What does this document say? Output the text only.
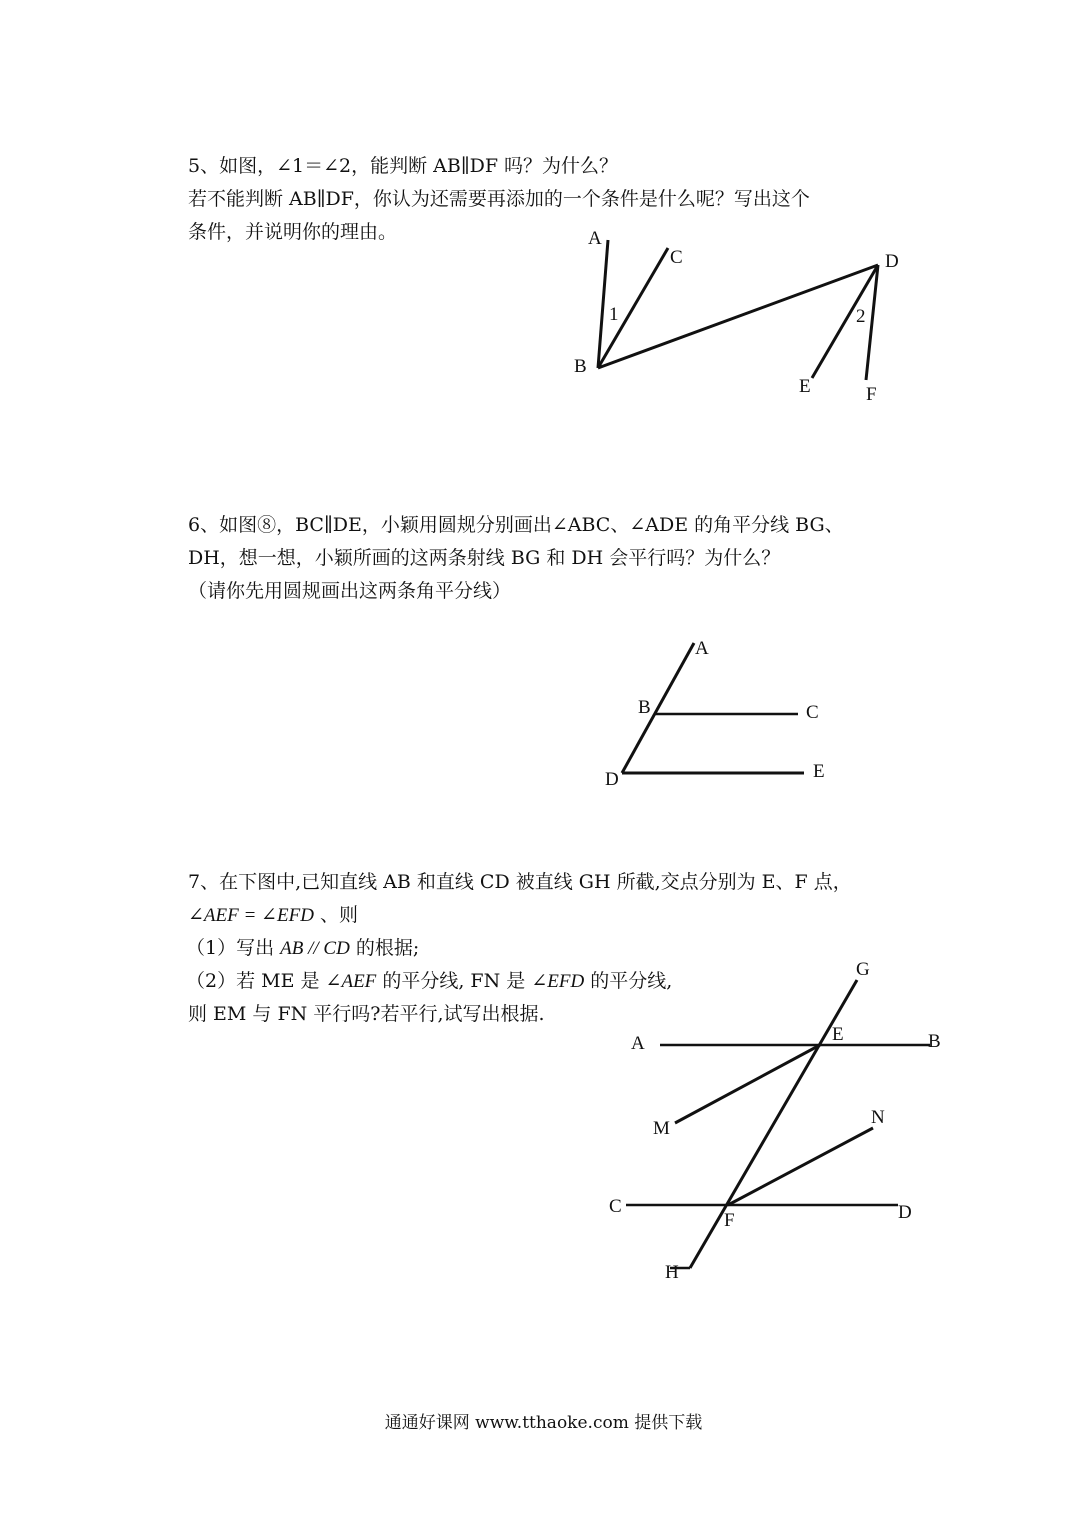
5、如图，∠1＝∠2，能判断 AB∥DF 吗？为什么？
若不能判断 AB∥DF，你认为还需要再添加的一个条件是什么呢？写出这个
条件，并说明你的理由。	A
C	D
1	2
B
E	F
6、如图⑧，BC∥DE，小颖用圆规分别画出∠ABC、∠ADE 的角平分线 BG、
DH，想一想，小颖所画的这两条射线 BG 和 DH 会平行吗？为什么？
（请你先用圆规画出这两条角平分线）
A
B	C
D	E
7、在下图中,已知直线 AB 和直线 CD 被直线 GH 所截,交点分别为 E、F 点，
∠AEF = ∠EFD 、则
（1）写出 AB // CD 的根据;
（2）若 ME 是 ∠AEF 的平分线, FN 是 ∠EFD 的平分线,
则 EM 与 FN 平行吗?若平行,试写出根据.
G
A	E	B
N
M
C
F	D
H
通通好课网 www.tthaoke.com 提供下载
